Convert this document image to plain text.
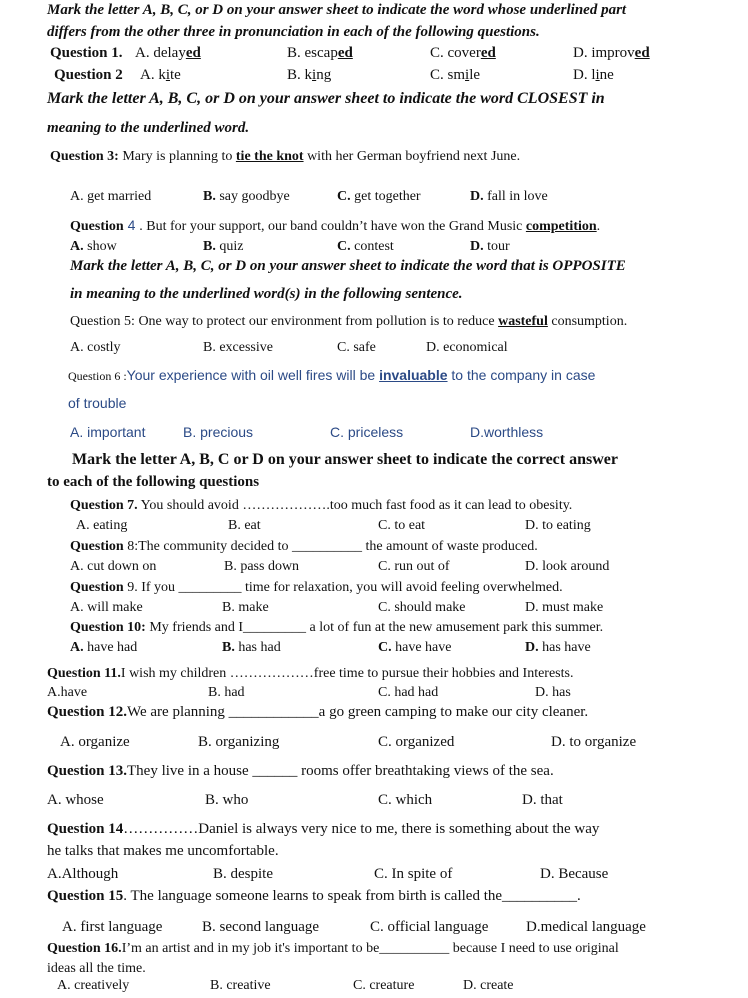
Mark the letter A, B, C, or D on your answer sheet to indicate the word whose underlined part
differs from the other three in pronunciation in each of the following questions.
Question 1. A. delayed	B. escaped	C. covered	D. improved
Question 2 A. kite	B. king	C. smile	D. line
Mark the letter A, B, C, or D on your answer sheet to indicate the word CLOSEST in
meaning to the underlined word.
Question 3: Mary is planning to tie the knot with her German boyfriend next June.
A. get married	B. say goodbye	C. get together	D. fall in love
Question 4 . But for your support, our band couldn’t have won the Grand Music competition.
A. show	B. quiz	C. contest	D. tour
Mark the letter A, B, C, or D on your answer sheet to indicate the word that is OPPOSITE
in meaning to the underlined word(s) in the following sentence.
Question 5: One way to protect our environment from pollution is to reduce wasteful consumption.
A. costly	B. excessive	C. safe	D. economical
Question 6 :Your experience with oil well fires will be invaluable to the company in case
of trouble
A. important	B. precious	C. priceless	D.worthless
Mark the letter A, B, C or D on your answer sheet to indicate the correct answer
to each of the following questions
Question 7. You should avoid ……………….too much fast food as it can lead to obesity.
A. eating	B. eat	C. to eat	D. to eating
Question 8:The community decided to __________ the amount of waste produced.
A. cut down on	B. pass down	C. run out of	D. look around
Question 9. If you _________ time for relaxation, you will avoid feeling overwhelmed.
A. will make	B. make	C. should make	D. must make
Question 10: My friends and I_________ a lot of fun at the new amusement park this summer.
A. have had	B. has had	C. have have	D. has have
Question 11.I wish my children ………………free time to pursue their hobbies and Interests.
A.have	B. had	C. had had	D. has
Question 12.We are planning ____________a go green camping to make our city cleaner.
A. organize	B. organizing	C. organized	D. to organize
Question 13.They live in a house ______ rooms offer breathtaking views of the sea.
A. whose	B. who	C. which	D. that
Question 14……………Daniel is always very nice to me, there is something about the way
he talks that makes me uncomfortable.
A.Although	B. despite	C. In spite of	D. Because
Question 15. The language someone learns to speak from birth is called the__________.
A. first language	B. second language	C. official language	D.medical language
Question 16.I’m an artist and in my job it's important to be__________ because I need to use original
ideas all the time.
A. creatively	B. creative	C. creature	D. create
